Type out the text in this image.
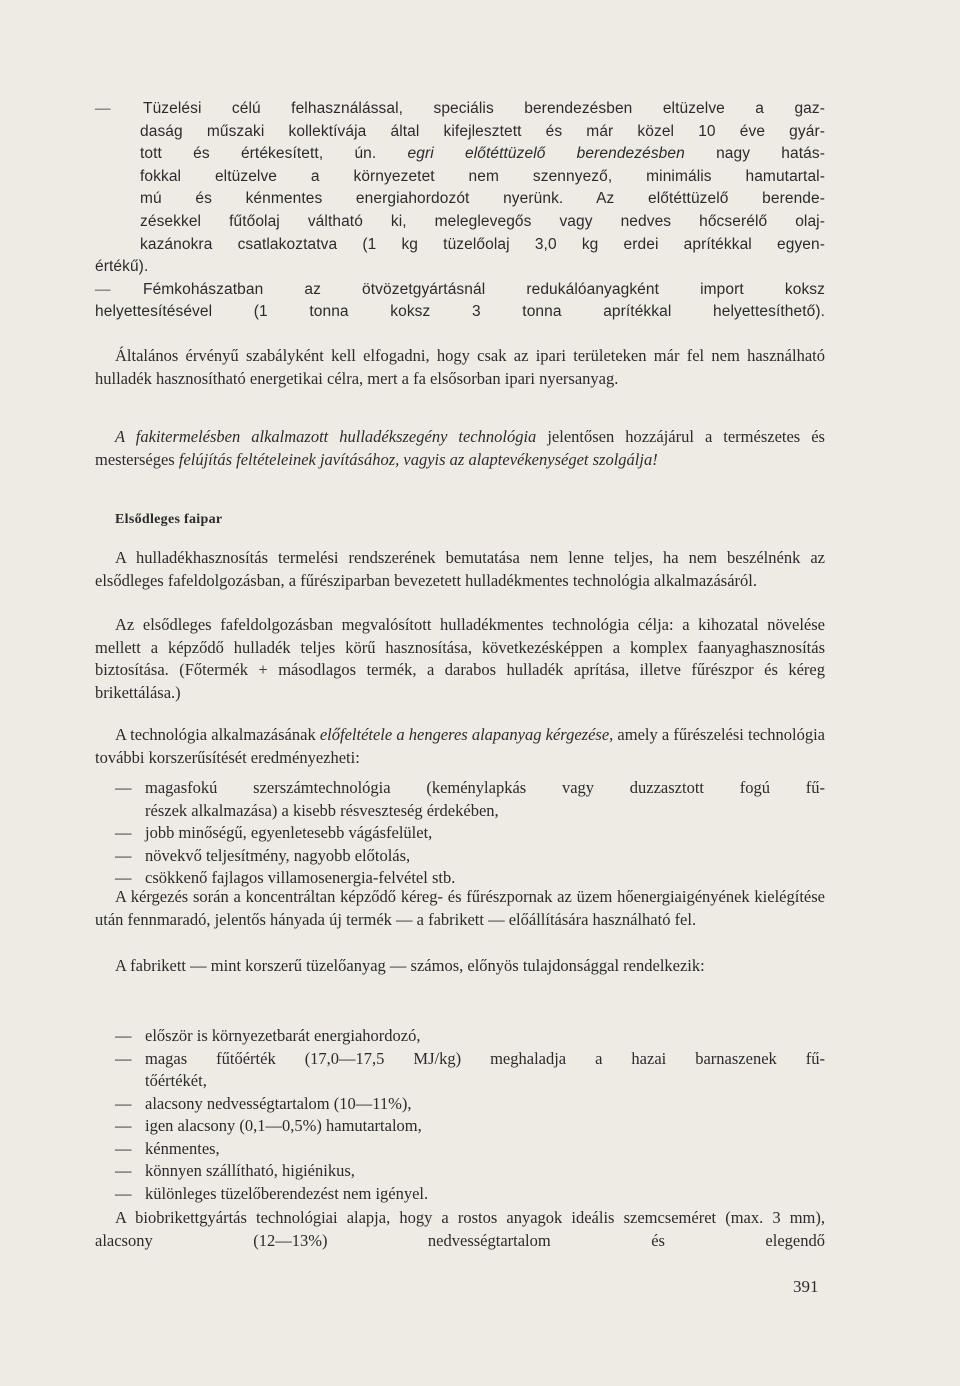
—	Tüzelési célú felhasználással, speciális berendezésben eltüzelve a gaz-
daság műszaki kollektívája által kifejlesztett és már közel 10 éve gyár-
tott és értékesített, ún. egri előtéttüzelő berendezésben nagy hatás-
fokkal eltüzelve a környezetet nem szennyező, minimális hamutartal-
mú és kénmentes energiahordozót nyerünk. Az előtéttüzelő berende-
zésekkel fűtőolaj váltható ki, meleglevegős vagy nedves hőcserélő olaj-
kazánokra csatlakoztatva (1 kg tüzelőolaj 3,0 kg erdei aprítékkal egyen-
értékű).
—	Fémkohászatban az ötvözetgyártásnál redukálóanyagként import koksz
helyettesítésével (1 tonna koksz 3 tonna aprítékkal helyettesíthető).

Általános érvényű szabályként kell elfogadni, hogy csak az ipari területeken már fel nem használható hulladék hasznosítható energetikai célra, mert a fa elsősorban ipari nyersanyag.

A fakitermelésben alkalmazott hulladékszegény technológia jelentősen hozzájárul a természetes és mesterséges felújítás feltételeinek javításához, vagyis az alaptevékenységet szolgálja!

Elsődleges faipar

A hulladékhasznosítás termelési rendszerének bemutatása nem lenne teljes, ha nem beszélnénk az elsődleges fafeldolgozásban, a fűrésziparban bevezetett hulladékmentes technológia alkalmazásáról.

Az elsődleges fafeldolgozásban megvalósított hulladékmentes technológia célja: a kihozatal növelése mellett a képződő hulladék teljes körű hasznosítása, következésképpen a komplex faanyaghasznosítás biztosítása. (Főtermék + másodlagos termék, a darabos hulladék aprítása, illetve fűrészpor és kéreg brikettálása.)

A technológia alkalmazásának előfeltétele a hengeres alapanyag kérgezése, amely a fűrészelési technológia további korszerűsítését eredményezheti:

— magasfokú szerszámtechnológia (keménylapkás vagy duzzasztott fogú fű-
részek alkalmazása) a kisebb résveszteség érdekében,
— jobb minőségű, egyenletesebb vágásfelület,
— növekvő teljesítmény, nagyobb előtolás,
— csökkenő fajlagos villamosenergia-felvétel stb.

A kérgezés során a koncentráltan képződő kéreg- és fűrészpornak az üzem hőenergiaigényének kielégítése után fennmaradó, jelentős hányada új termék — a fabrikett — előállítására használható fel.

A fabrikett — mint korszerű tüzelőanyag — számos, előnyös tulajdonsággal rendelkezik:

— először is környezetbarát energiahordozó,
— magas fűtőérték (17,0—17,5 MJ/kg) meghaladja a hazai barnaszenek fű-
tőértékét,
— alacsony nedvességtartalom (10—11%),
— igen alacsony (0,1—0,5%) hamutartalom,
— kénmentes,
— könnyen szállítható, higiénikus,
— különleges tüzelőberendezést nem igényel.

A biobrikettgyártás technológiai alapja, hogy a rostos anyagok ideális szemcseméret (max. 3 mm), alacsony (12—13%) nedvességtartalom és elegendő

391
